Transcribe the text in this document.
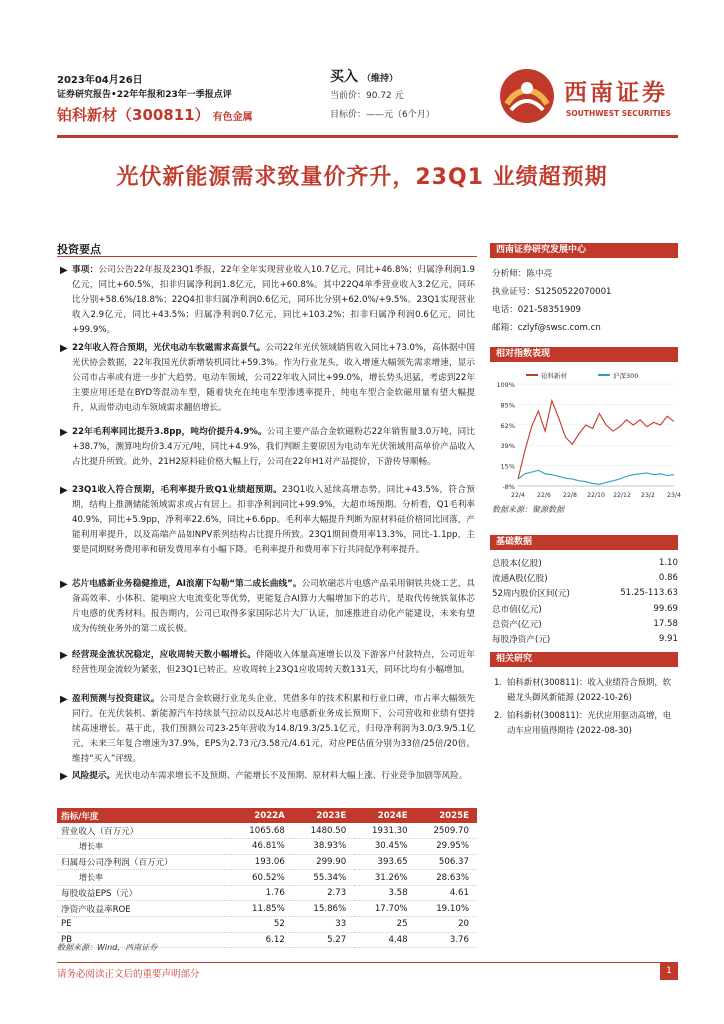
2023年04月26日
证券研究报告•22年年报和23年一季报点评
铂科新材（300811） 有色金属
买入 （维持）
当前价：90.72 元
目标价：——元（6个月）
西南证券
SOUTHWEST SECURITIES
光伏新能源需求致量价齐升，23Q1 业绩超预期
投资要点
▶ 事项：公司公告22年报及23Q1季报，22年全年实现营业收入10.7亿元，同比+46.8%；归属净利润1.9亿元，同比+60.5%，扣非归属净利润1.8亿元，同比+60.8%。其中22Q4单季营业收入3.2亿元，同环比分别+58.6%/18.8%；22Q4扣非归属净利润0.6亿元，同环比分别+62.0%/+9.5%。23Q1实现营业收入2.9亿元，同比+43.5%；归属净利润0.7亿元，同比+103.2%；扣非归属净利润0.6亿元，同比+99.9%。
▶ 22年收入符合预期，光伏电动车软磁需求高景气。公司22年光伏领域销售收入同比+73.0%，高体据中国光伏协会数据，22年我国光伏新增装机同比+59.3%。作为行业龙头，收入增速大幅领先需求增速，显示公司市占率或有进一步扩大趋势。电动车领域，公司22年收入同比+99.0%，增长势头迅猛，考虑到22年主要应用还是在BYD等混动车型，随着快充在纯电车型渗透率提升，纯电车型合金软磁用量有望大幅提升，从而带动电动车领域需求翻倍增长。
▶ 22年毛利率同比提升3.8pp，吨均价提升4.9%。公司主要产品合金软磁粉芯22年销售量3.0万吨，同比+38.7%，测算吨均价3.4万元/吨，同比+4.9%，我们判断主要原因为电动车光伏领域用高单价产品收入占比提升所致。此外，21H2原料硅价格大幅上行，公司在22年H1对产品提价，下游传导顺畅。
▶ 23Q1收入符合预期，毛利率提升致Q1业绩超预期。23Q1收入延续高增态势，同比+43.5%，符合预期，结构上推测储能领域需求或占有居上。扣非净利润同比+99.9%，大超市场预期。分析看，Q1毛利率40.9%，同比+5.9pp，净利率22.6%，同比+6.6pp。毛利率大幅提升判断为原材料硅价格同比回落，产能利用率提升，以及高端产品如NPV系列结构占比提升所致。23Q1期间费用率13.3%，同比-1.1pp，主要是同期财务费用率和研发费用率有小幅下降。毛利率提升和费用率下行共同促净利率提升。
▶ 芯片电感新业务稳健推进，AI浪潮下勾勒“第二成长曲线”。公司软磁芯片电感产品采用铜铁共烧工艺，具备高效率、小体积、能响应大电流变化等优势，更能复合AI算力大幅增加下的芯片，是取代传统铁氧体芯片电感的优秀材料。报告期内，公司已取得多家国际芯片大厂认证，加速推进自动化产能建设，未来有望成为传统业务外的第二成长极。
▶ 经营现金流状况稳定，应收周转天数小幅增长。伴随收入体量高速增长以及下游客户付款特点，公司近年经营性现金流较为紧张，但23Q1已转正。应收周转上23Q1应收周转天数131天，同环比均有小幅增加。
▶ 盈利预测与投资建议。公司是合金软磁行业龙头企业，凭借多年的技术积累和行业口碑，市占率大幅领先同行。在光伏装机、新能源汽车持续景气拉动以及AI芯片电感新业务成长预期下，公司营收和业绩有望持续高速增长。基于此，我们预测公司23-25年营收为14.8/19.3/25.1亿元，归母净利润为3.0/3.9/5.1亿元，未来三年复合增速为37.9%，EPS为2.73元/3.58元/4.61元，对应PE估值分别为33倍/25倍/20倍。维持“买入”评级。
▶ 风险提示。光伏电动车需求增长不及预期、产能增长不及预期、原材料大幅上涨、行业竞争加剧等风险。
指标/年度	2022A	2023E	2024E	2025E
营业收入（百万元）	1065.68	1480.50	1931.30	2509.70
增长率	46.81%	38.93%	30.45%	29.95%
归属母公司净利润（百万元）	193.06	299.90	393.65	506.37
增长率	60.52%	55.34%	31.26%	28.63%
每股收益EPS（元）	1.76	2.73	3.58	4.61
净资产收益率ROE	11.85%	15.86%	17.70%	19.10%
PE	52	33	25	20
PB	6.12	5.27	4.48	3.76
数据来源：Wind，西南证券
西南证券研究发展中心
分析师：陈中亮
执业证号：S1250522070001
电话：021-58351909
邮箱：czlyf@swsc.com.cn
相对指数表现
109%
85%
62%
39%
15%
-8%
22/4 22/6 22/8 22/10 22/12 23/2 23/4
铂科新材	沪深300
数据来源：聚源数据
基础数据
总股本(亿股)	1.10
流通A股(亿股)	0.86
52周内股价区间(元)	51.25-113.63
总市值(亿元)	99.69
总资产(亿元)	17.58
每股净资产(元)	9.91
相关研究
1. 铂科新材(300811)：收入业绩符合预期，软磁龙头御风新能源 (2022-10-26)
2. 铂科新材(300811)：光伏应用驱动高增，电动车应用值得期待 (2022-08-30)
请务必阅读正文后的重要声明部分	1
